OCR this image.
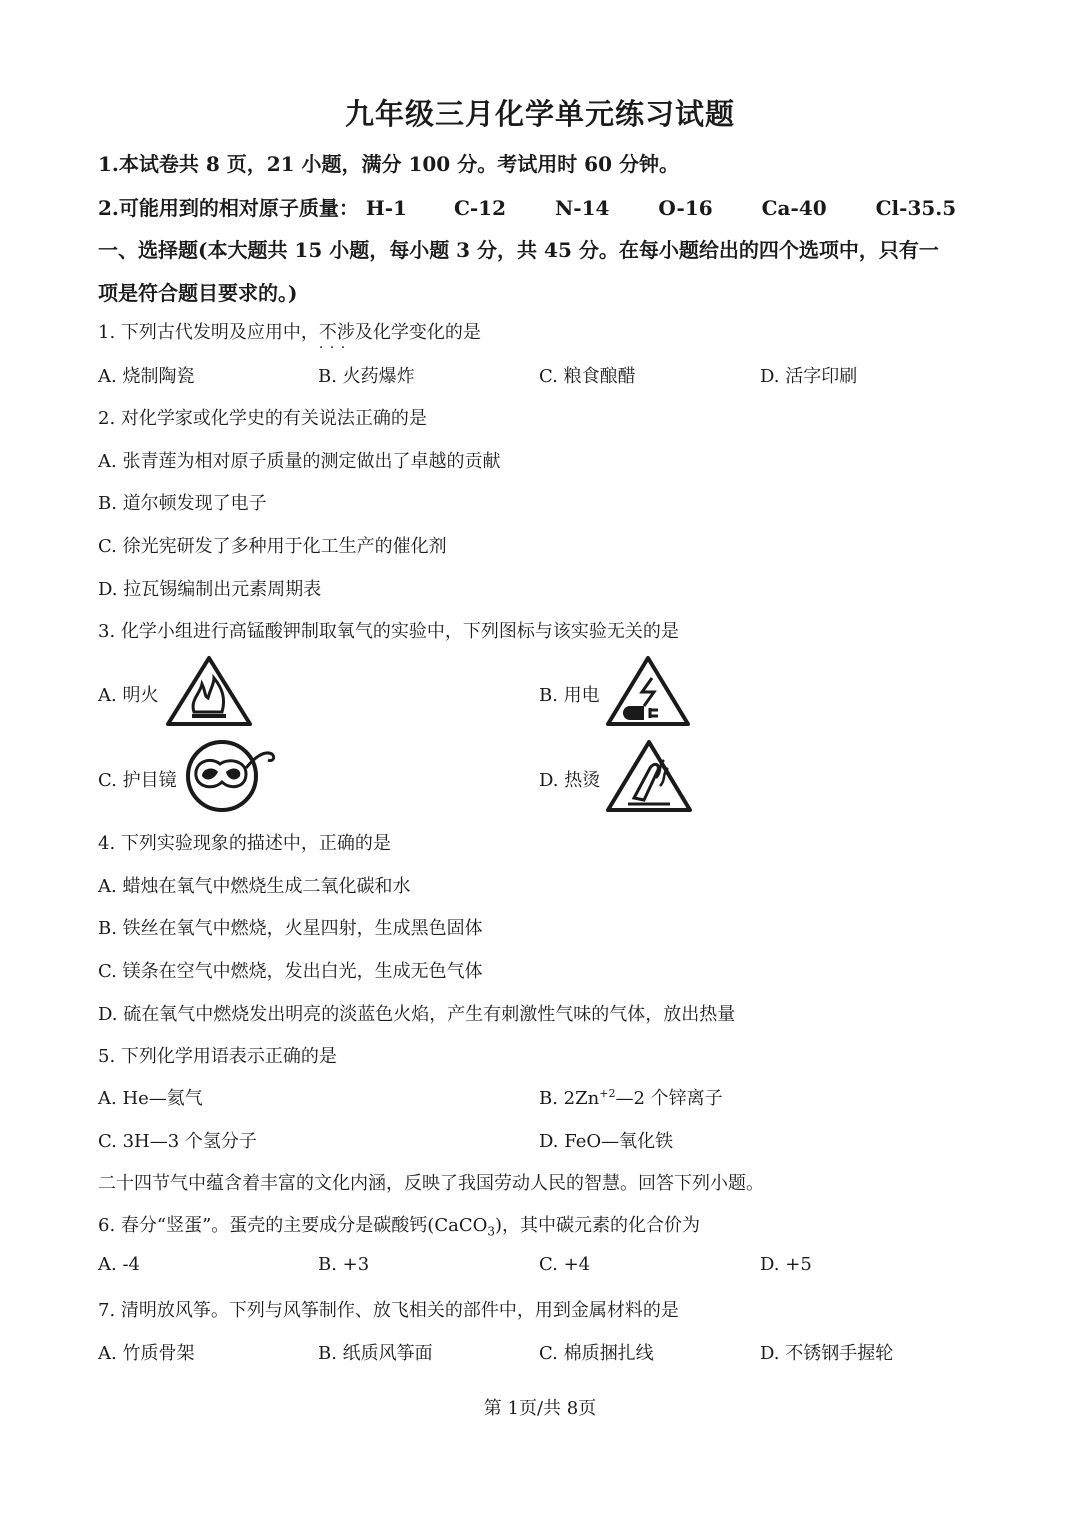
九年级三月化学单元练习试题
1.本试卷共 8 页，21 小题，满分 100 分。考试用时 60 分钟。
2.可能用到的相对原子质量： H-1 C-12 N-14 O-16 Ca-40 Cl-35.5
一、选择题(本大题共 15 小题，每小题 3 分，共 45 分。在每小题给出的四个选项中，只有一
项是符合题目要求的。)
1. 下列古代发明及应用中，不涉及 · · ·化学变化的是
A. 烧制陶瓷	B. 火药爆炸	C. 粮食酿醋	D. 活字印刷
2. 对化学家或化学史的有关说法正确的是
A. 张青莲为相对原子质量的测定做出了卓越的贡献
B. 道尔顿发现了电子
C. 徐光宪研发了多种用于化工生产的催化剂
D. 拉瓦锡编制出元素周期表
3. 化学小组进行高锰酸钾制取氧气的实验中，下列图标与该实验无关的是
A. 明火	B. 用电
C. 护目镜	D. 热烫
4. 下列实验现象的描述中，正确的是
A. 蜡烛在氧气中燃烧生成二氧化碳和水
B. 铁丝在氧气中燃烧，火星四射，生成黑色固体
C. 镁条在空气中燃烧，发出白光，生成无色气体
D. 硫在氧气中燃烧发出明亮的淡蓝色火焰，产生有刺激性气味的气体，放出热量
5. 下列化学用语表示正确的是
A. He—氦气	B. $2Zn^{+2}—2$ 个锌离子
C. 3H—3 个氢分子	D. FeO—氧化铁
二十四节气中蕴含着丰富的文化内涵，反映了我国劳动人民的智慧。回答下列小题。
6. 春分“竖蛋”。蛋壳的主要成分是碳酸钙(CaCO$_3$)，其中碳元素的化合价为
A. -4	B. +3	C. +4	D. +5
7. 清明放风筝。下列与风筝制作、放飞相关的部件中，用到金属材料的是
A. 竹质骨架	B. 纸质风筝面	C. 棉质捆扎线	D. 不锈钢手握轮
第 1页/共 8页
